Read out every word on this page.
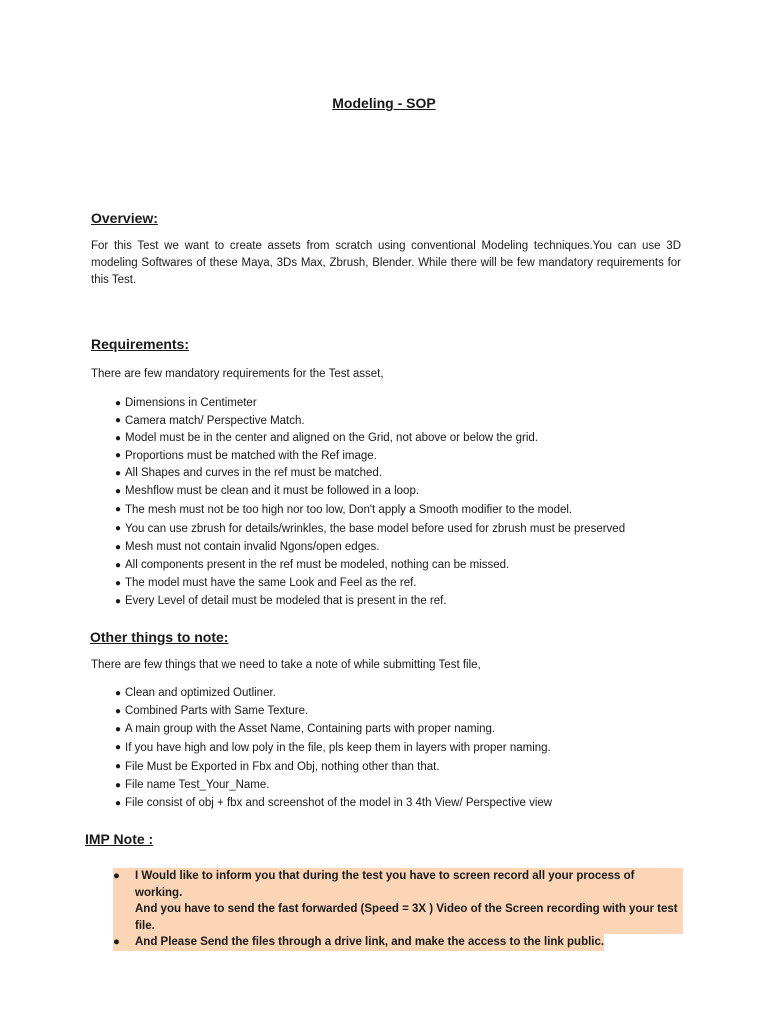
Modeling - SOP
Overview:
For this Test we want to create assets from scratch using conventional Modeling techniques.You can use 3D modeling Softwares of these Maya, 3Ds Max, Zbrush, Blender. While there will be few mandatory requirements for this Test.
Requirements:
There are few mandatory requirements for the Test asset,
● Dimensions in Centimeter
● Camera match/ Perspective Match.
● Model must be in the center and aligned on the Grid, not above or below the grid.
● Proportions must be matched with the Ref image.
● All Shapes and curves in the ref must be matched.
● Meshflow must be clean and it must be followed in a loop.
● The mesh must not be too high nor too low, Don't apply a Smooth modifier to the model.
● You can use zbrush for details/wrinkles, the base model before used for zbrush must be preserved
● Mesh must not contain invalid Ngons/open edges.
● All components present in the ref must be modeled, nothing can be missed.
● The model must have the same Look and Feel as the ref.
● Every Level of detail must be modeled that is present in the ref.
Other things to note:
There are few things that we need to take a note of while submitting Test file,
● Clean and optimized Outliner.
● Combined Parts with Same Texture.
● A main group with the Asset Name, Containing parts with proper naming.
● If you have high and low poly in the file, pls keep them in layers with proper naming.
● File Must be Exported in Fbx and Obj, nothing other than that.
● File name Test_Your_Name.
● File consist of obj + fbx and screenshot of the model in 3 4th View/ Perspective view
IMP Note :
●	I Would like to inform you that during the test you have to screen record all your process of working.
And you have to send the fast forwarded (Speed = 3X ) Video of the Screen recording with your test file.
●	And Please Send the files through a drive link, and make the access to the link public.
